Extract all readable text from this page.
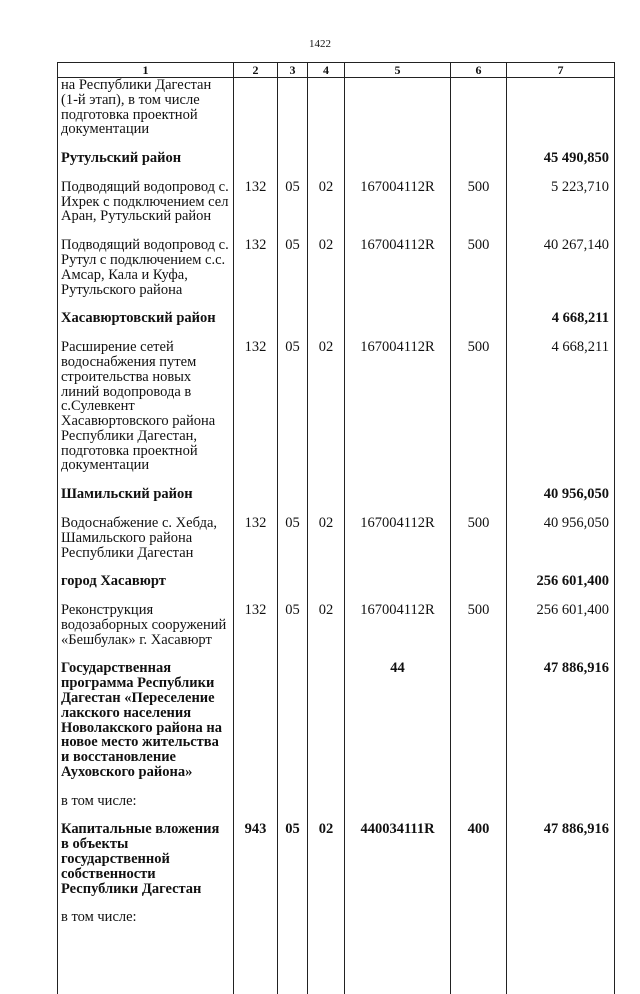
1422
1	2	3	4	5	6	7
на Республики Дагестан (1-й этап), в том числе подготовка проектной документации						
Рутульский район						45 490,850
Подводящий водопровод с. Ихрек с подключением сел Аран, Рутульский район	132	05	02	167004112R	500	5 223,710
Подводящий водопровод с. Рутул с подключением с.с. Амсар, Кала и Куфа, Рутульского района	132	05	02	167004112R	500	40 267,140
Хасавюртовский район						4 668,211
Расширение сетей водоснабжения путем строительства новых линий водопровода в с.Сулевкент Хасавюртовского района Республики Дагестан, подготовка проектной документации	132	05	02	167004112R	500	4 668,211
Шамильский район						40 956,050
Водоснабжение с. Хебда, Шамильского района Республики Дагестан	132	05	02	167004112R	500	40 956,050
город Хасавюрт						256 601,400
Реконструкция водозаборных сооружений «Бешбулак» г. Хасавюрт	132	05	02	167004112R	500	256 601,400
Государственная программа Республики Дагестан «Переселение лакского населения Новолакского района на новое место жительства и восстановление Ауховского района»				44		47 886,916
в том числе:						
Капитальные вложения в объекты государственной собственности Республики Дагестан	943	05	02	440034111R	400	47 886,916
в том числе:						
